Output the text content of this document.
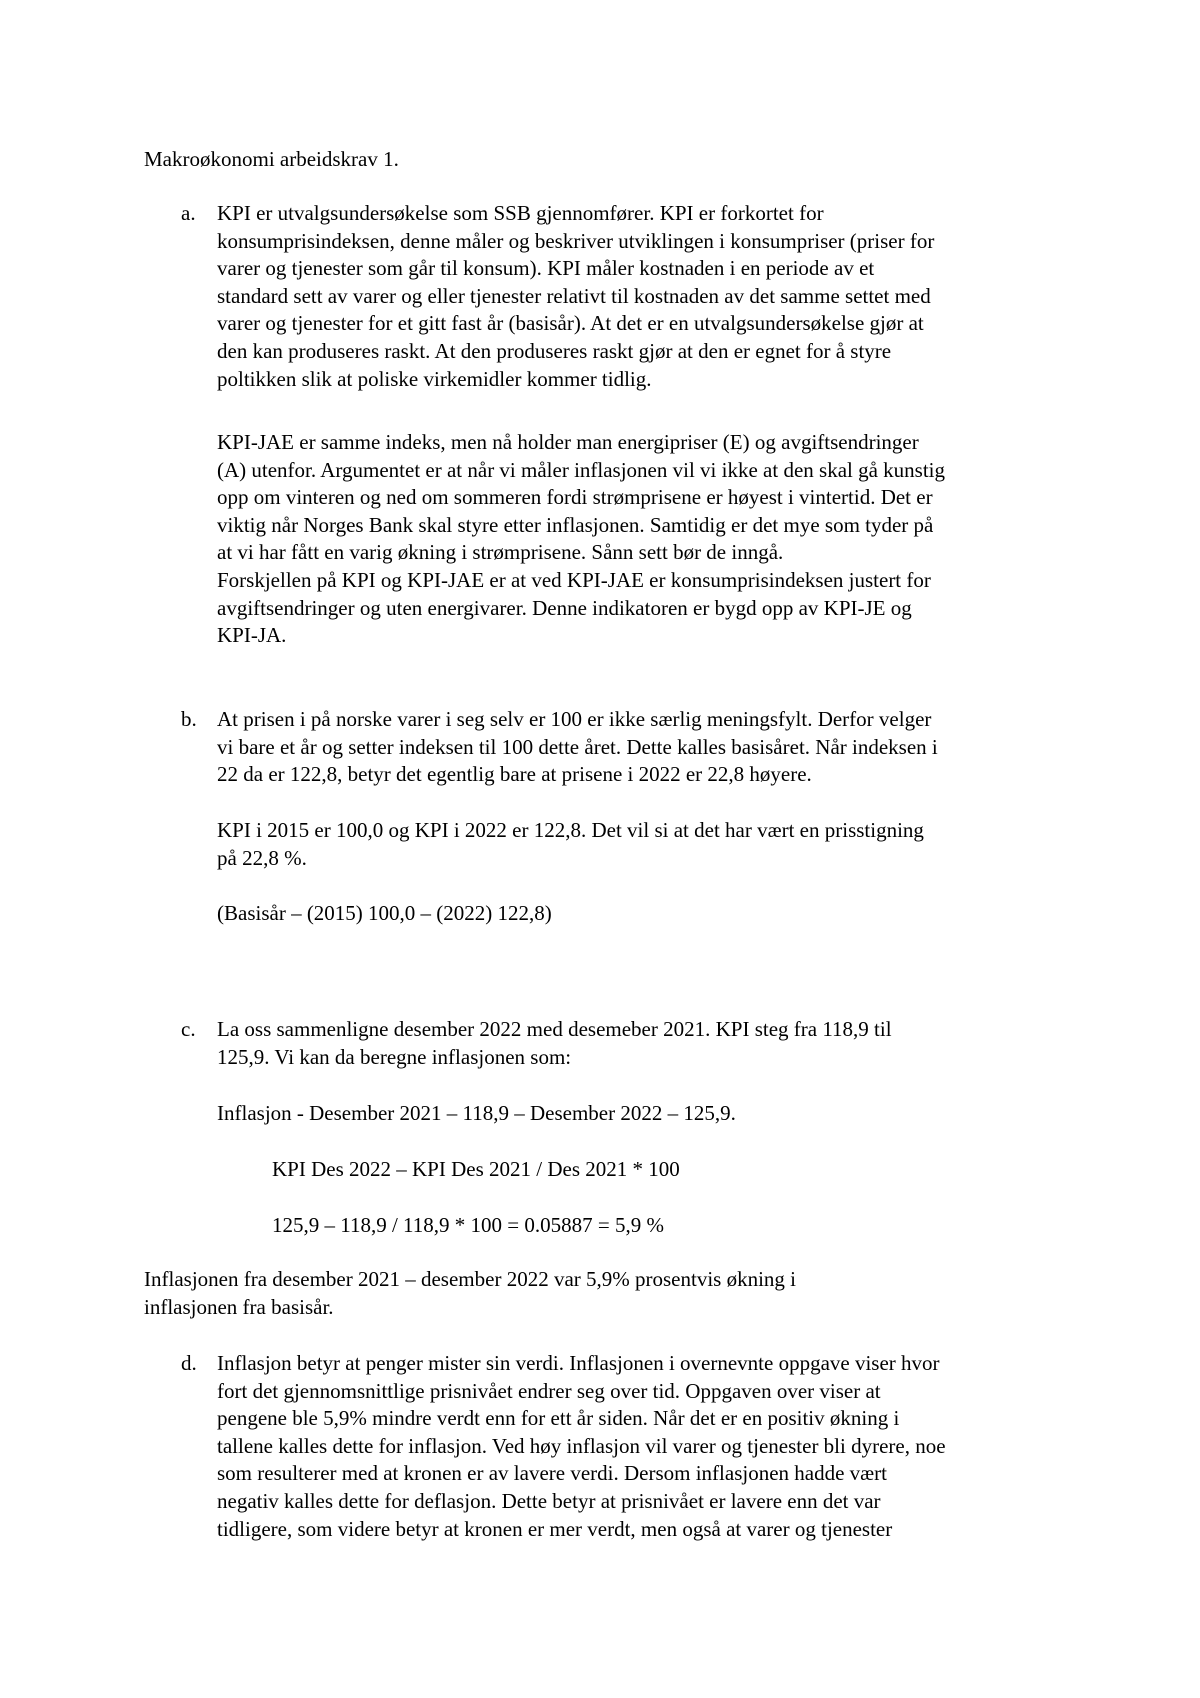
Makroøkonomi arbeidskrav 1.

a. KPI er utvalgsundersøkelse som SSB gjennomfører. KPI er forkortet for
konsumprisindeksen, denne måler og beskriver utviklingen i konsumpriser (priser for
varer og tjenester som går til konsum). KPI måler kostnaden i en periode av et
standard sett av varer og eller tjenester relativt til kostnaden av det samme settet med
varer og tjenester for et gitt fast år (basisår). At det er en utvalgsundersøkelse gjør at
den kan produseres raskt. At den produseres raskt gjør at den er egnet for å styre
poltikken slik at poliske virkemidler kommer tidlig.

KPI-JAE er samme indeks, men nå holder man energipriser (E) og avgiftsendringer
(A) utenfor. Argumentet er at når vi måler inflasjonen vil vi ikke at den skal gå kunstig
opp om vinteren og ned om sommeren fordi strømprisene er høyest i vintertid. Det er
viktig når Norges Bank skal styre etter inflasjonen. Samtidig er det mye som tyder på
at vi har fått en varig økning i strømprisene. Sånn sett bør de inngå.
Forskjellen på KPI og KPI-JAE er at ved KPI-JAE er konsumprisindeksen justert for
avgiftsendringer og uten energivarer. Denne indikatoren er bygd opp av KPI-JE og
KPI-JA.

b. At prisen i på norske varer i seg selv er 100 er ikke særlig meningsfylt. Derfor velger
vi bare et år og setter indeksen til 100 dette året. Dette kalles basisåret. Når indeksen i
22 da er 122,8, betyr det egentlig bare at prisene i 2022 er 22,8 høyere.

KPI i 2015 er 100,0 og KPI i 2022 er 122,8. Det vil si at det har vært en prisstigning
på 22,8 %.

(Basisår – (2015) 100,0 – (2022) 122,8)

c. La oss sammenligne desember 2022 med desemeber 2021. KPI steg fra 118,9 til
125,9. Vi kan da beregne inflasjonen som:

Inflasjon - Desember 2021 – 118,9 – Desember 2022 – 125,9.

KPI Des 2022 – KPI Des 2021 / Des 2021 * 100

125,9 – 118,9 / 118,9 * 100 = 0.05887 = 5,9 %

Inflasjonen fra desember 2021 – desember 2022 var 5,9% prosentvis økning i
inflasjonen fra basisår.

d. Inflasjon betyr at penger mister sin verdi. Inflasjonen i overnevnte oppgave viser hvor
fort det gjennomsnittlige prisnivået endrer seg over tid. Oppgaven over viser at
pengene ble 5,9% mindre verdt enn for ett år siden. Når det er en positiv økning i
tallene kalles dette for inflasjon. Ved høy inflasjon vil varer og tjenester bli dyrere, noe
som resulterer med at kronen er av lavere verdi. Dersom inflasjonen hadde vært
negativ kalles dette for deflasjon. Dette betyr at prisnivået er lavere enn det var
tidligere, som videre betyr at kronen er mer verdt, men også at varer og tjenester
